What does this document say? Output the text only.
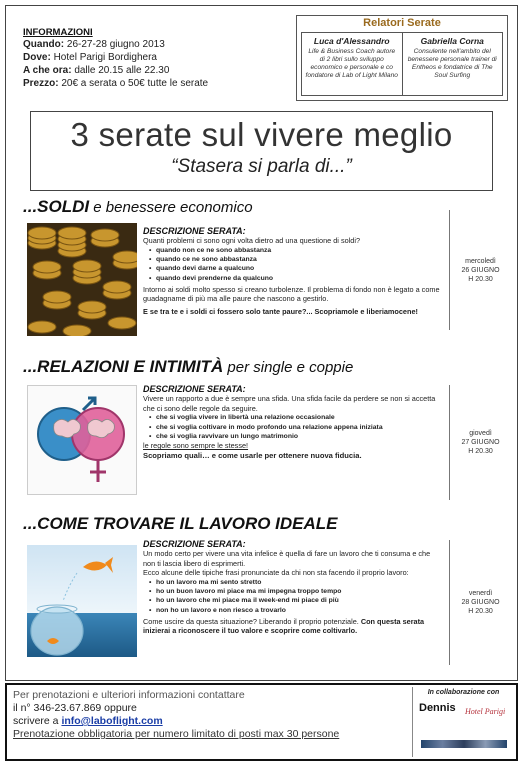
INFORMAZIONI
Quando: 26-27-28 giugno 2013
Dove: Hotel Parigi Bordighera
A che ora: dalle 20.15 alle 22.30
Prezzo: 20€ a serata o 50€ tutte le serate
Relatori Serate
Luca d'Alessandro
Life & Business Coach autore di 2 libri sullo sviluppo economico e personale e co fondatore di Lab of Light Milano
Gabriella Corna
Consulente nell'ambito del benessere personale trainer di Entheos e fondatrice di The Soul Surfing
3 serate sul vivere meglio
“Stasera si parla di...”
...SOLDI e benessere economico
DESCRIZIONE SERATA:
Quanti problemi ci sono ogni volta dietro ad una questione di soldi?
• quando non ce ne sono abbastanza
• quando ce ne sono abbastanza
• quando devi darne a qualcuno
• quando devi prenderne da qualcuno
Intorno ai soldi molto spesso si creano turbolenze. Il problema di fondo non è legato a come guadagname di più ma alle paure che nascono a gestirlo.
E se tra te e i soldi ci fossero solo tante paure?... Scopriamole e liberiamocene!
mercoledì
26 GIUGNO
H 20.30
...RELAZIONI E INTIMITÀ per single e coppie
DESCRIZIONE SERATA:
Vivere un rapporto a due è sempre una sfida. Una sfida facile da perdere se non si accetta che ci sono delle regole da seguire.
• che si voglia vivere in libertà una relazione occasionale
• che si voglia coltivare in modo profondo una relazione appena iniziata
• che si voglia ravvivare un lungo matrimonio
le regole sono sempre le stesse!
Scopriamo quali… e come usarle per ottenere nuova fiducia.
giovedì
27 GIUGNO
H 20.30
...COME TROVARE IL LAVORO IDEALE
DESCRIZIONE SERATA:
Un modo certo per vivere una vita infelice è quella di fare un lavoro che ti consuma e che non ti lascia libero di esprimerti.
Ecco alcune delle tipiche frasi pronunciate da chi non sta facendo il proprio lavoro:
• ho un lavoro ma mi sento stretto
• ho un buon lavoro mi piace ma mi impegna troppo tempo
• ho un lavoro che mi piace ma il week-end mi piace di più
• non ho un lavoro e non riesco a trovarlo
Come uscire da questa situazione? Liberando il proprio potenziale. Con questa serata inizierai a riconoscere il tuo valore e scoprire come coltivarlo.
venerdì
28 GIUGNO
H 20.30
Per prenotazioni e ulteriori informazioni contattare
il n° 346-23.67.869 oppure
scrivere a info@laboflight.com
Prenotazione obbligatoria per numero limitato di posti max 30 persone
In collaborazione con
Dennis Hotel Parigi
